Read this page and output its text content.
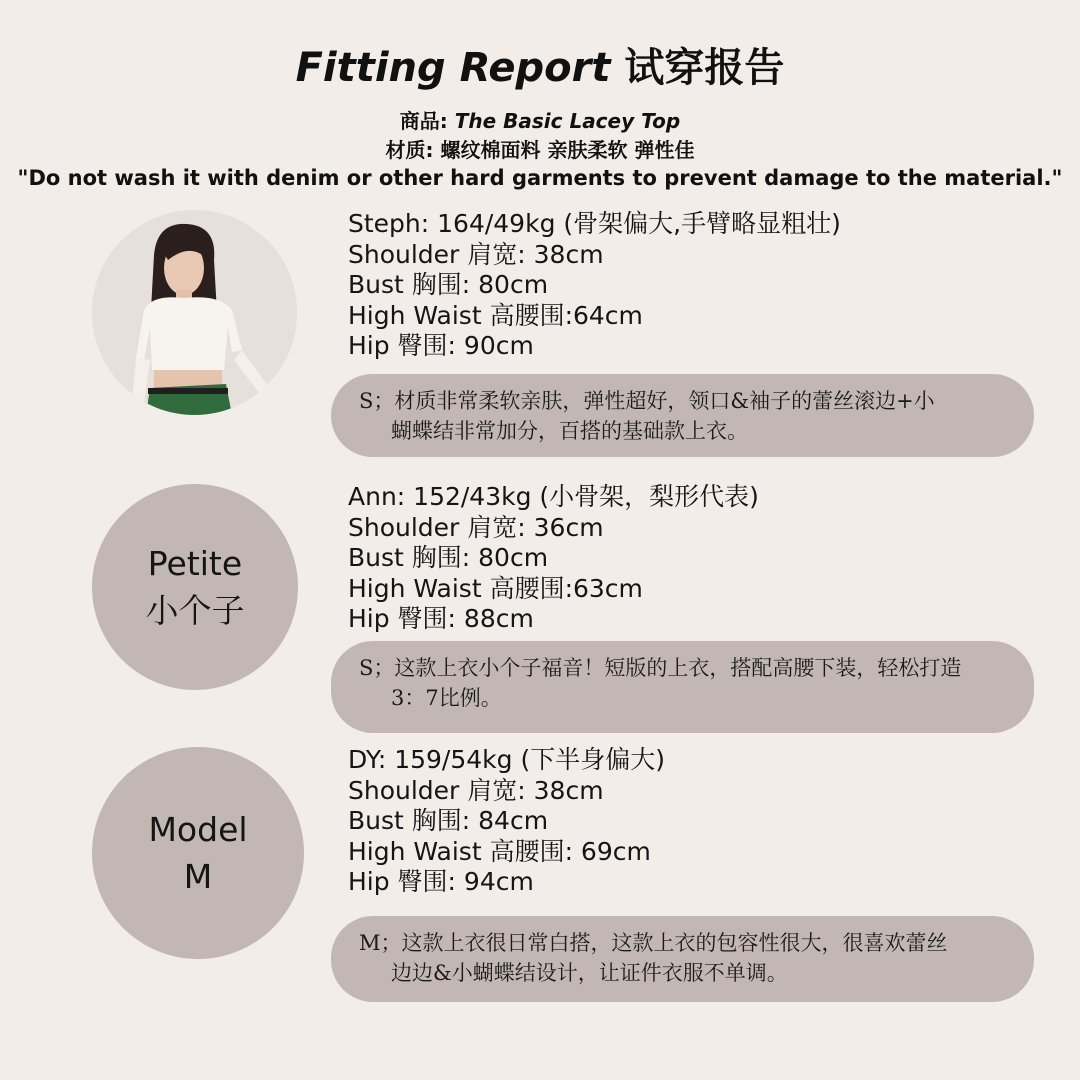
Fitting Report 试穿报告
商品: The Basic Lacey Top
材质: 螺纹棉面料 亲肤柔软 弹性佳
"Do not wash it with denim or other hard garments to prevent damage to the material."
Steph: 164/49kg (骨架偏大,手臂略显粗壮)
Shoulder 肩宽: 38cm
Bust 胸围: 80cm
High Waist 高腰围:64cm
Hip 臀围: 90cm
S；材质非常柔软亲肤，弹性超好，领口&袖子的蕾丝滚边+小
蝴蝶结非常加分，百搭的基础款上衣。
Petite
小个子
Ann: 152/43kg (小骨架，梨形代表)
Shoulder 肩宽: 36cm
Bust 胸围: 80cm
High Waist 高腰围:63cm
Hip 臀围: 88cm
S；这款上衣小个子福音！短版的上衣，搭配高腰下装，轻松打造
3：7比例。
Model
M
DY: 159/54kg (下半身偏大)
Shoulder 肩宽: 38cm
Bust 胸围: 84cm
High Waist 高腰围: 69cm
Hip 臀围: 94cm
M；这款上衣很日常白搭，这款上衣的包容性很大，很喜欢蕾丝
边边&小蝴蝶结设计，让证件衣服不单调。
